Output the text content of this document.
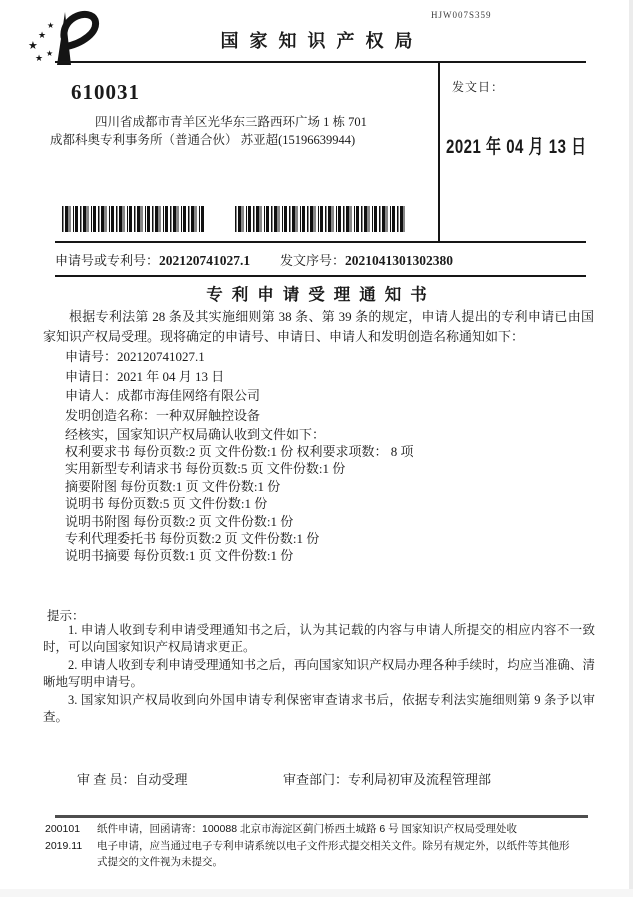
★
★
★
★
★
HJW007S359
国家知识产权局
610031
四川省成都市青羊区光华东三路西环广场 1 栋 701
成都科奥专利事务所（普通合伙） 苏亚超(15196639944)
发文日：
2021 年 04 月 13 日
申请号或专利号：202120741027.1 发文序号：2021041301302380
专利申请受理通知书
根据专利法第 28 条及其实施细则第 38 条、第 39 条的规定，申请人提出的专利申请已由国家知识产权局受理。现将确定的申请号、申请日、申请人和发明创造名称通知如下：
申请号：202120741027.1
申请日：2021 年 04 月 13 日
申请人：成都市海佳网络有限公司
发明创造名称：一种双屏触控设备
经核实，国家知识产权局确认收到文件如下：
权利要求书 每份页数:2 页 文件份数:1 份 权利要求项数： 8 项
实用新型专利请求书 每份页数:5 页 文件份数:1 份
摘要附图 每份页数:1 页 文件份数:1 份
说明书 每份页数:5 页 文件份数:1 份
说明书附图 每份页数:2 页 文件份数:1 份
专利代理委托书 每份页数:2 页 文件份数:1 份
说明书摘要 每份页数:1 页 文件份数:1 份
提示：

1. 申请人收到专利申请受理通知书之后，认为其记载的内容与申请人所提交的相应内容不一致时，可以向国家知识产权局请求更正。

2. 申请人收到专利申请受理通知书之后，再向国家知识产权局办理各种手续时，均应当准确、清晰地写明申请号。

3. 国家知识产权局收到向外国申请专利保密审查请求书后，依据专利法实施细则第 9 条予以审查。

审 查 员：自动受理	审查部门：专利局初审及流程管理部
200101 纸件申请，回函请寄：100088 北京市海淀区蓟门桥西土城路 6 号 国家知识产权局受理处收
2019.11 电子申请，应当通过电子专利申请系统以电子文件形式提交相关文件。除另有规定外，以纸件等其他形式提交的文件视为未提交。
